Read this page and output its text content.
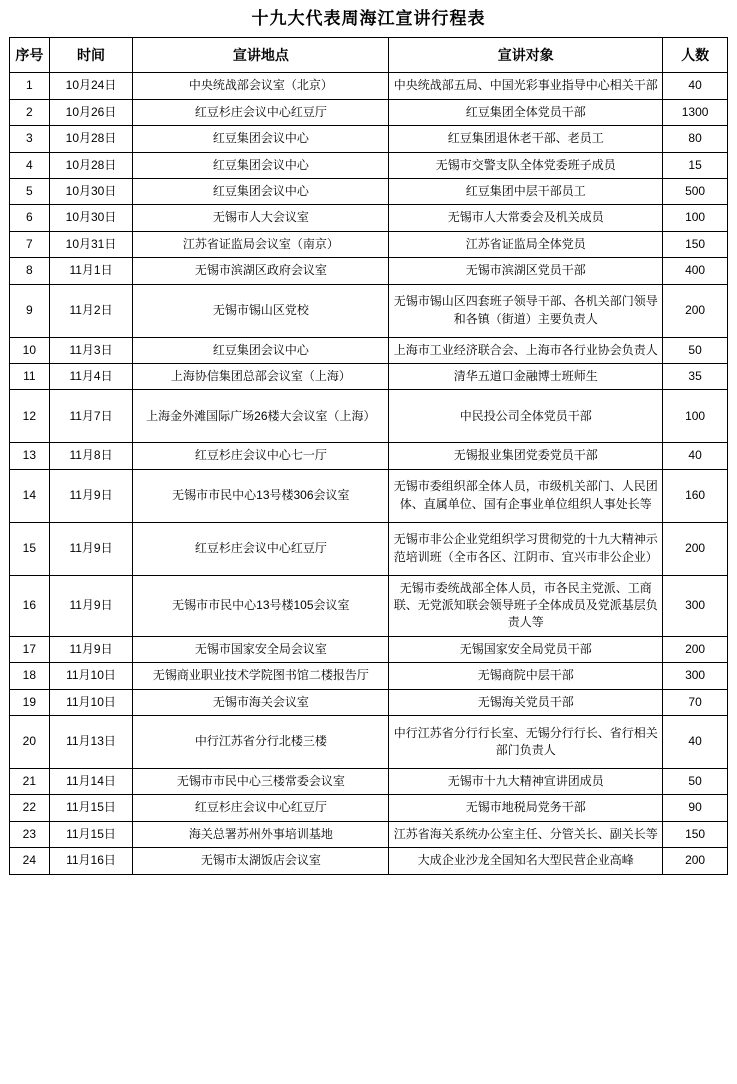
十九大代表周海江宣讲行程表
序号	时间	宣讲地点	宣讲对象	人数
1	10月24日	中央统战部会议室（北京）	中央统战部五局、中国光彩事业指导中心相关干部	40
2	10月26日	红豆杉庄会议中心红豆厅	红豆集团全体党员干部	1300
3	10月28日	红豆集团会议中心	红豆集团退休老干部、老员工	80
4	10月28日	红豆集团会议中心	无锡市交警支队全体党委班子成员	15
5	10月30日	红豆集团会议中心	红豆集团中层干部员工	500
6	10月30日	无锡市人大会议室	无锡市人大常委会及机关成员	100
7	10月31日	江苏省证监局会议室（南京）	江苏省证监局全体党员	150
8	11月1日	无锡市滨湖区政府会议室	无锡市滨湖区党员干部	400
9	11月2日	无锡市锡山区党校	无锡市锡山区四套班子领导干部、各机关部门领导和各镇（街道）主要负责人	200
10	11月3日	红豆集团会议中心	上海市工业经济联合会、上海市各行业协会负责人	50
11	11月4日	上海协信集团总部会议室（上海）	清华五道口金融博士班师生	35
12	11月7日	上海金外滩国际广场26楼大会议室（上海）	中民投公司全体党员干部	100
13	11月8日	红豆杉庄会议中心七一厅	无锡报业集团党委党员干部	40
14	11月9日	无锡市市民中心13号楼306会议室	无锡市委组织部全体人员，市级机关部门、人民团体、直属单位、国有企事业单位组织人事处长等	160
15	11月9日	红豆杉庄会议中心红豆厅	无锡市非公企业党组织学习贯彻党的十九大精神示范培训班（全市各区、江阴市、宜兴市非公企业）	200
16	11月9日	无锡市市民中心13号楼105会议室	无锡市委统战部全体人员，市各民主党派、工商联、无党派知联会领导班子全体成员及党派基层负责人等	300
17	11月9日	无锡市国家安全局会议室	无锡国家安全局党员干部	200
18	11月10日	无锡商业职业技术学院图书馆二楼报告厅	无锡商院中层干部	300
19	11月10日	无锡市海关会议室	无锡海关党员干部	70
20	11月13日	中行江苏省分行北楼三楼	中行江苏省分行行长室、无锡分行行长、省行相关部门负责人	40
21	11月14日	无锡市市民中心三楼常委会议室	无锡市十九大精神宣讲团成员	50
22	11月15日	红豆杉庄会议中心红豆厅	无锡市地税局党务干部	90
23	11月15日	海关总署苏州外事培训基地	江苏省海关系统办公室主任、分管关长、副关长等	150
24	11月16日	无锡市太湖饭店会议室	大成企业沙龙全国知名大型民营企业高峰	200
